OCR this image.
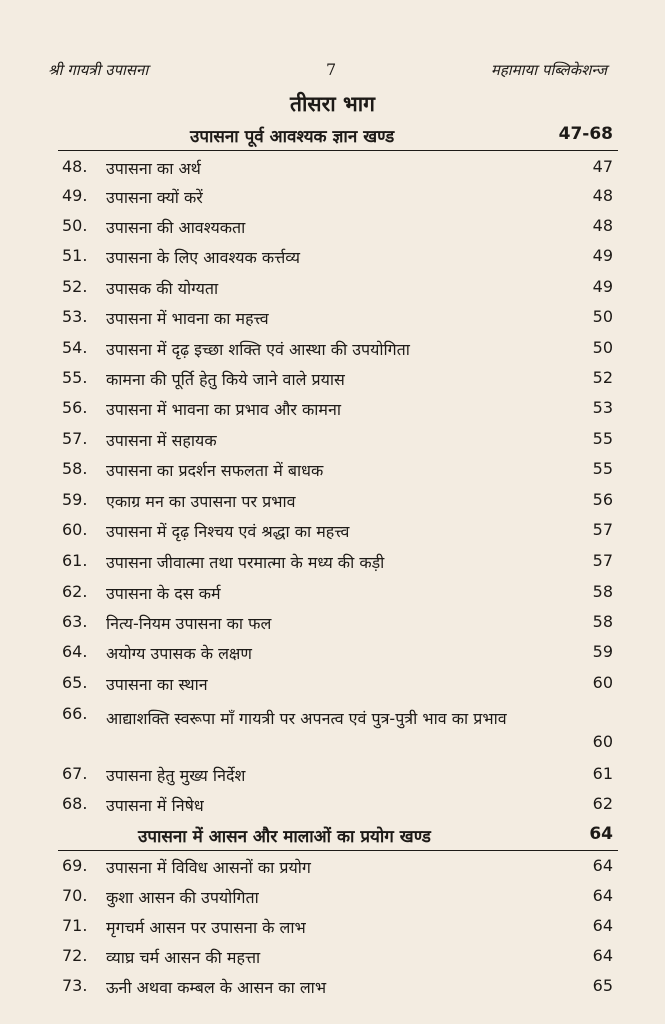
श्री गायत्री उपासना	7	महामाया पब्लिकेशन्ज
तीसरा भाग
उपासना पूर्व आवश्यक ज्ञान खण्ड	47-68
48. उपासना का अर्थ	47
49. उपासना क्यों करें	48
50. उपासना की आवश्यकता	48
51. उपासना के लिए आवश्यक कर्त्तव्य	49
52. उपासक की योग्यता	49
53. उपासना में भावना का महत्त्व	50
54. उपासना में दृढ़ इच्छा शक्ति एवं आस्था की उपयोगिता	50
55. कामना की पूर्ति हेतु किये जाने वाले प्रयास	52
56. उपासना में भावना का प्रभाव और कामना	53
57. उपासना में सहायक	55
58. उपासना का प्रदर्शन सफलता में बाधक	55
59. एकाग्र मन का उपासना पर प्रभाव	56
60. उपासना में दृढ़ निश्चय एवं श्रद्धा का महत्त्व	57
61. उपासना जीवात्मा तथा परमात्मा के मध्य की कड़ी	57
62. उपासना के दस कर्म	58
63. नित्य-नियम उपासना का फल	58
64. अयोग्य उपासक के लक्षण	59
65. उपासना का स्थान	60
66. आद्याशक्ति स्वरूपा माँ गायत्री पर अपनत्व एवं पुत्र-पुत्री भाव का प्रभाव
60
67. उपासना हेतु मुख्य निर्देश	61
68. उपासना में निषेध	62
उपासना में आसन और मालाओं का प्रयोग खण्ड	64
69. उपासना में विविध आसनों का प्रयोग	64
70. कुशा आसन की उपयोगिता	64
71. मृगचर्म आसन पर उपासना के लाभ	64
72. व्याघ्र चर्म आसन की महत्ता	64
73. ऊनी अथवा कम्बल के आसन का लाभ	65
